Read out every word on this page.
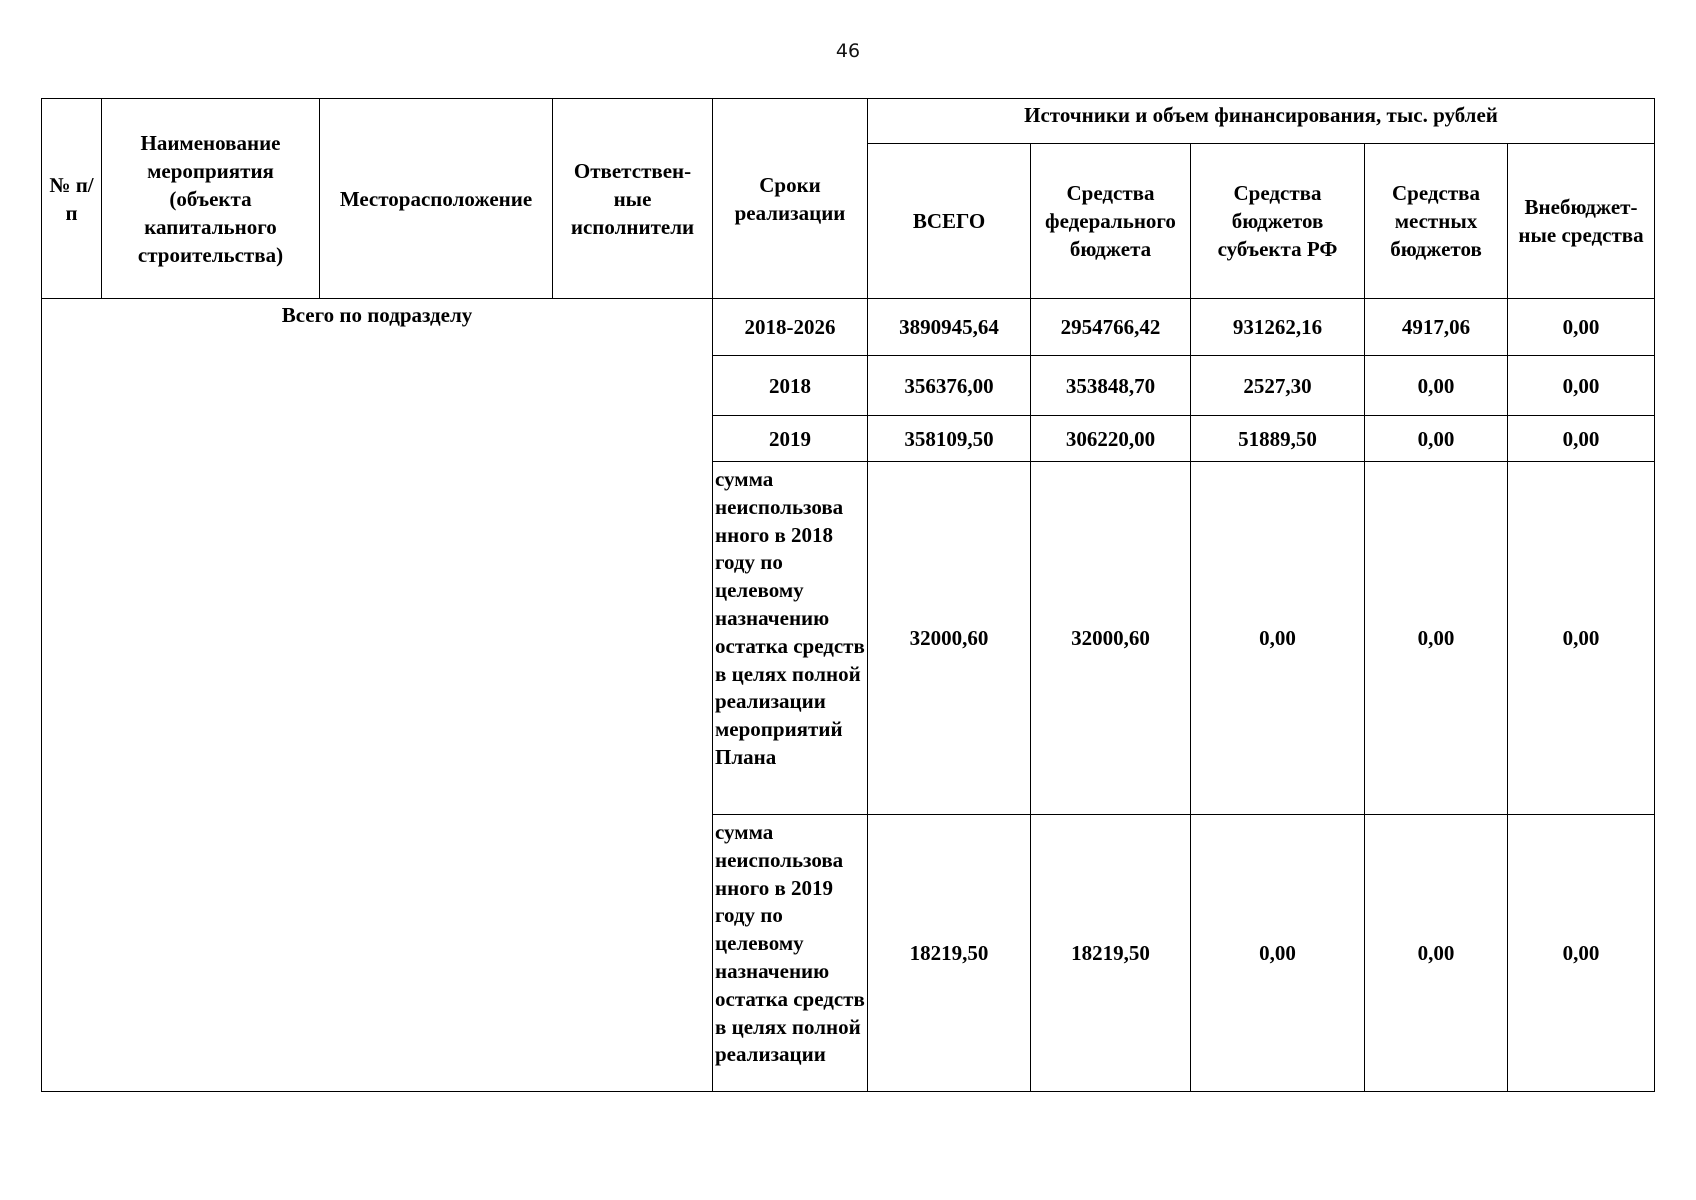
46
№ п/п	Наименование мероприятия (объекта капитального строительства)	Месторасположение	Ответствен-ные исполнители	Сроки реализации	Источники и объем финансирования, тыс. рублей				
					ВСЕГО	Средства федерального бюджета	Средства бюджетов субъекта РФ	Средства местных бюджетов	Внебюджет-ные средства
Всего по подразделу				2018-2026	3890945,64	2954766,42	931262,16	4917,06	0,00
				2018	356376,00	353848,70	2527,30	0,00	0,00
				2019	358109,50	306220,00	51889,50	0,00	0,00
				сумма неиспользова нного в 2018 году по целевому назначению остатка средств в целях полной реализации мероприятий Плана	32000,60	32000,60	0,00	0,00	0,00
				сумма неиспользова нного в 2019 году по целевому назначению остатка средств в целях полной реализации	18219,50	18219,50	0,00	0,00	0,00
